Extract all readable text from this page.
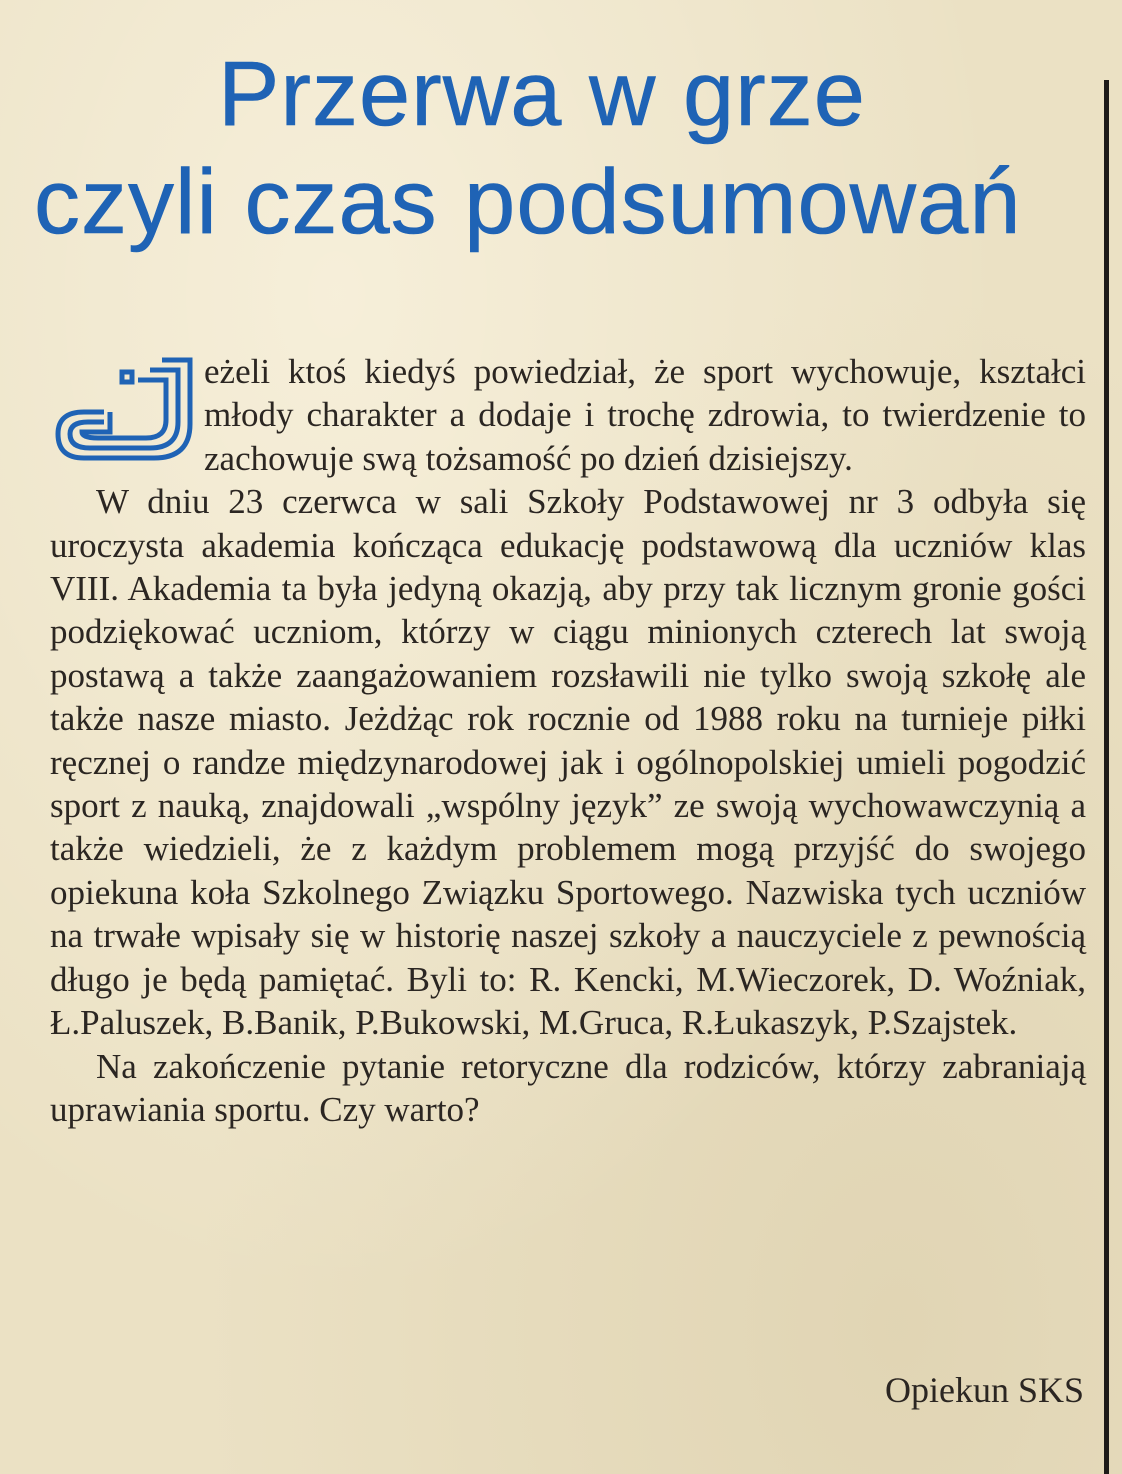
Przerwa w grze
czyli czas podsumowań

eżeli ktoś kiedyś powiedział, że sport wychowuje, kształci młody charakter a dodaje i trochę zdrowia, to twierdzenie to zachowuje swą tożsamość po dzień dzisiejszy.

W dniu 23 czerwca w sali Szkoły Podstawowej nr 3 odbyła się uroczysta akademia kończąca edukację podstawową dla uczniów klas VIII. Akademia ta była jedyną okazją, aby przy tak licznym gronie gości podziękować uczniom, którzy w ciągu minionych czterech lat swoją postawą a także zaangażowaniem rozsławili nie tylko swoją szkołę ale także nasze miasto. Jeżdżąc rok rocznie od 1988 roku na turnieje piłki ręcznej o randze międzynarodowej jak i ogólnopolskiej umieli pogodzić sport z nauką, znajdowali „wspólny język” ze swoją wychowawczynią a także wiedzieli, że z każdym problemem mogą przyjść do swojego opiekuna koła Szkolnego Związku Sportowego. Nazwiska tych uczniów na trwałe wpisały się w historię naszej szkoły a nauczyciele z pewnością długo je będą pamiętać. Byli to: R. Kencki, M.Wieczorek, D. Woźniak, Ł.Paluszek, B.Banik, P.Bukowski, M.Gruca, R.Łukaszyk, P.Szajstek.

Na zakończenie pytanie retoryczne dla rodziców, którzy zabraniają uprawiania sportu. Czy warto?

Opiekun SKS
